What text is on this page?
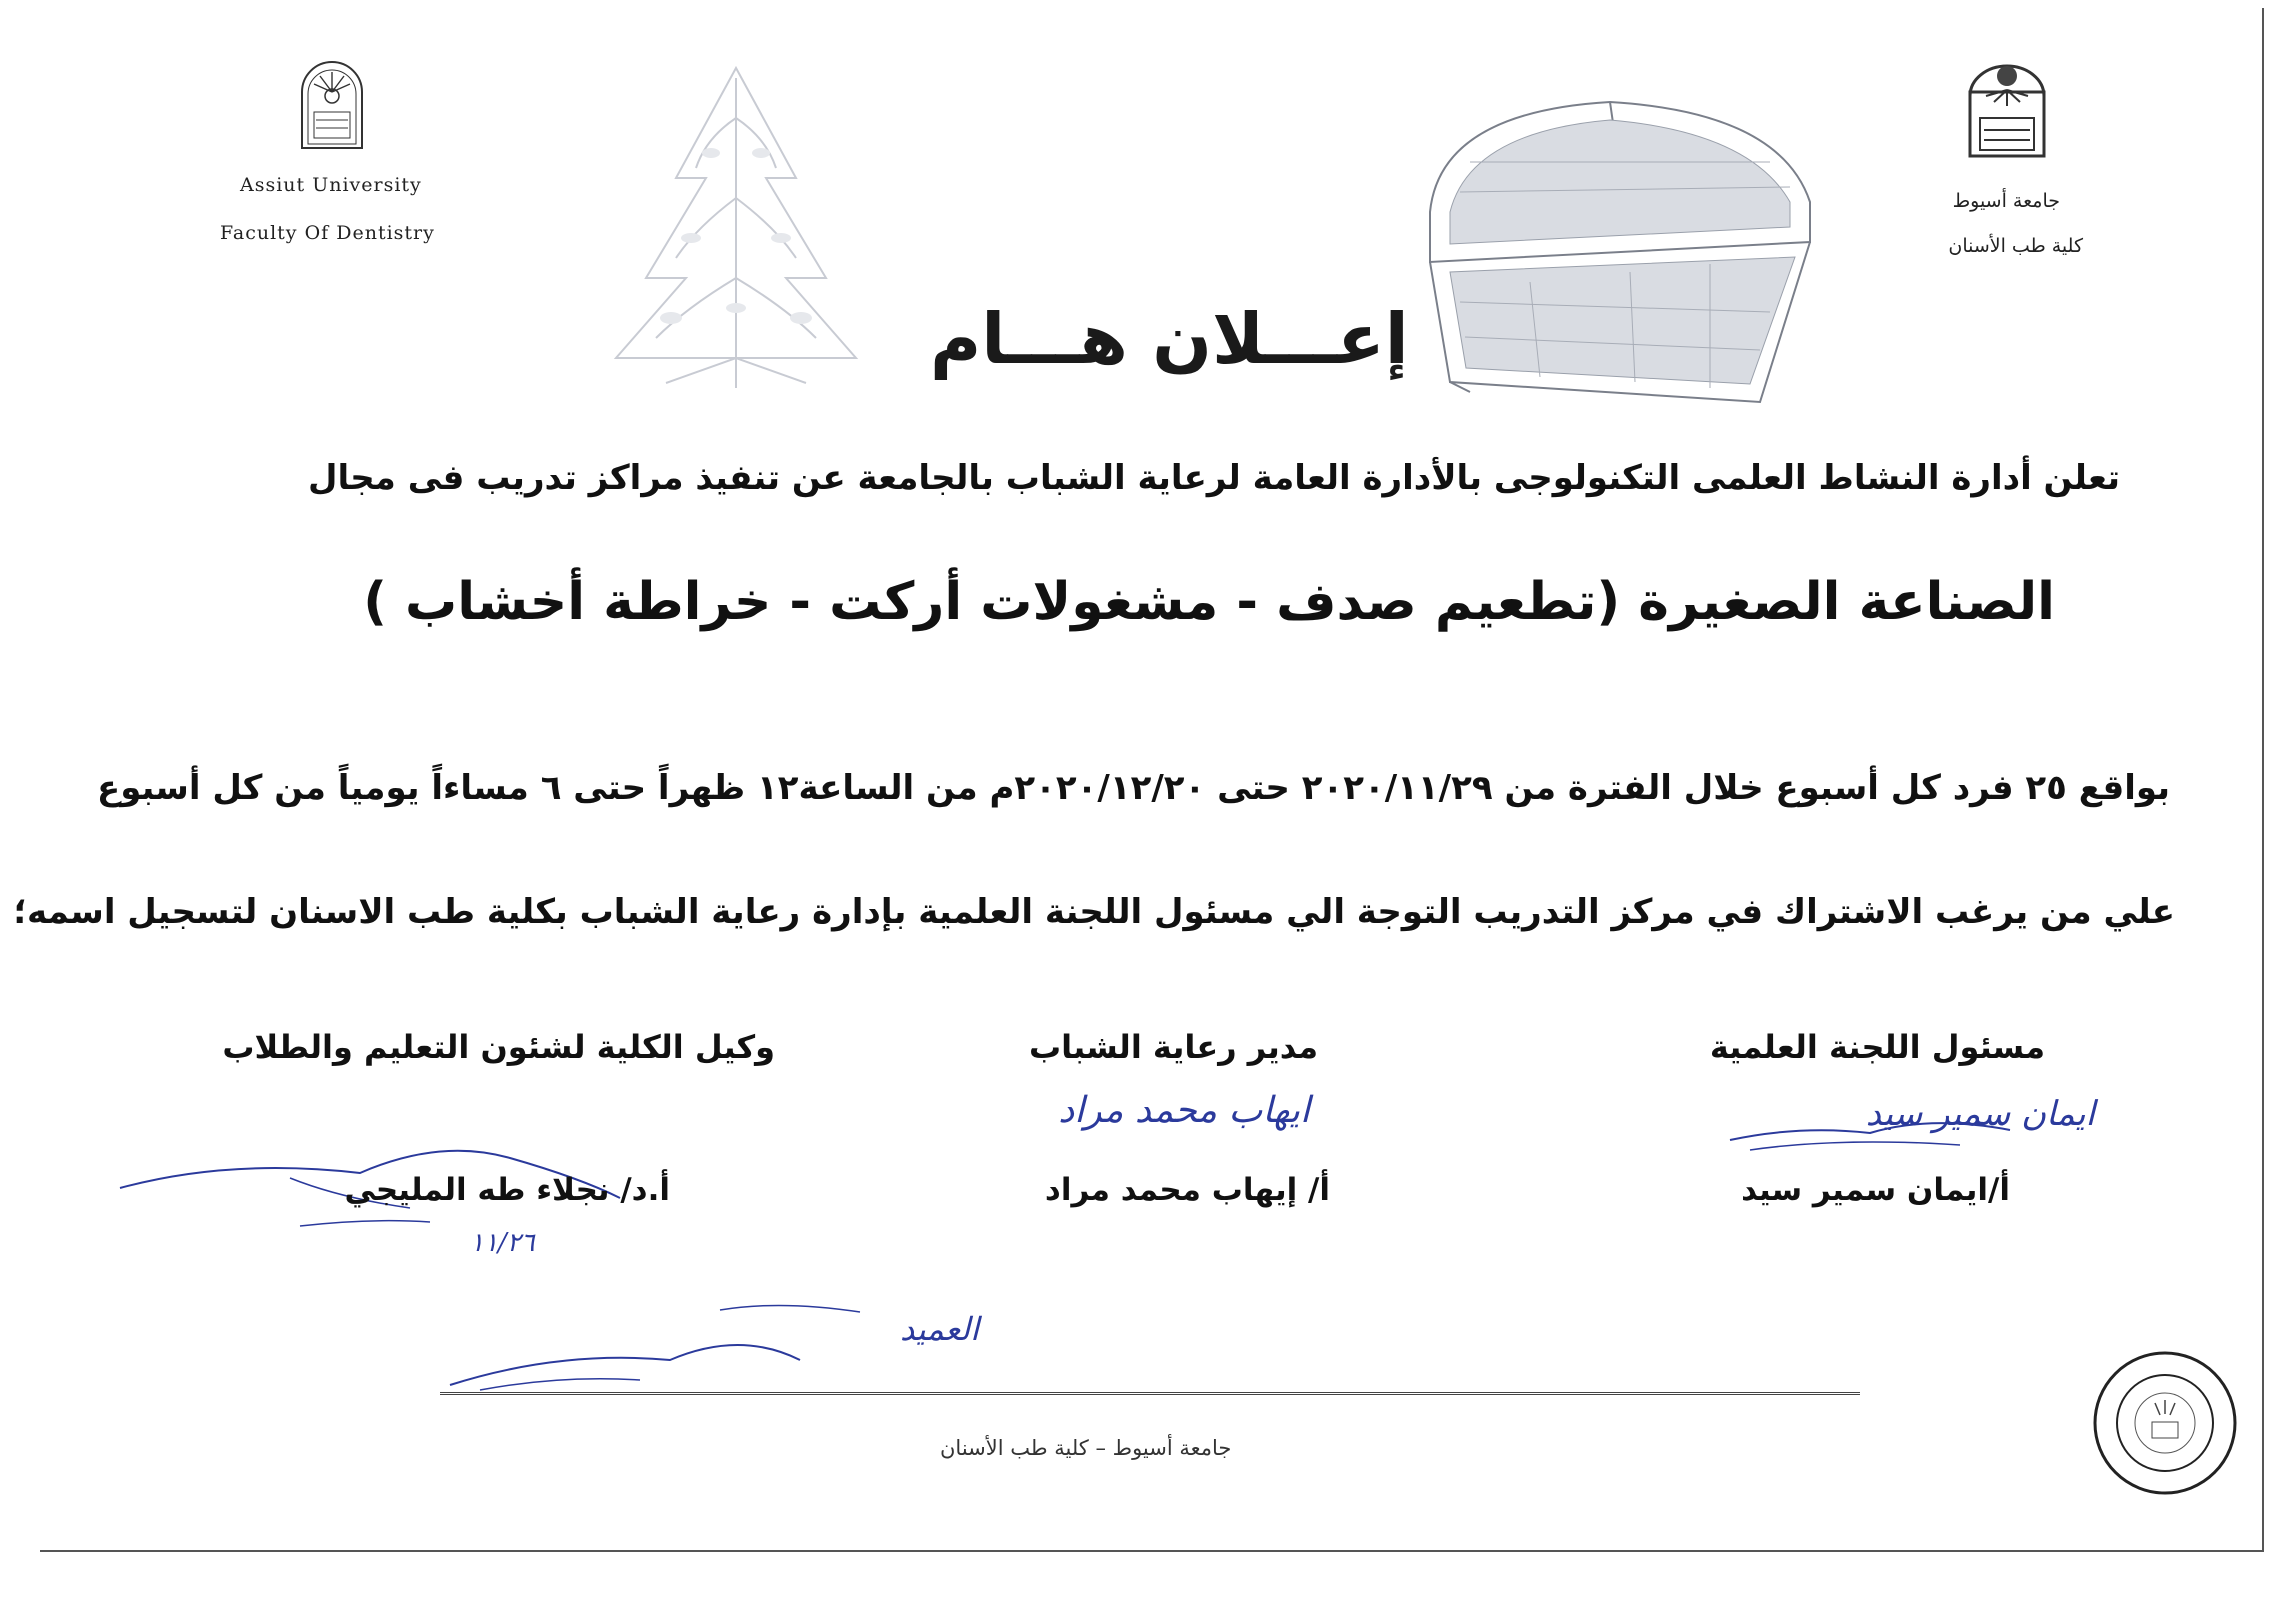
Assiut University
Faculty Of Dentistry
جامعة أسيوط
كلية طب الأسنان
إعـــلان هـــام
تعلن أدارة النشاط العلمى التكنولوجى بالأدارة العامة لرعاية الشباب بالجامعة عن تنفيذ مراكز تدريب فى مجال
الصناعة الصغيرة (تطعيم صدف - مشغولات أركت - خراطة أخشاب )
بواقع ٢٥ فرد كل أسبوع خلال الفترة من ٢٠٢٠/١١/٢٩ حتى ٢٠٢٠/١٢/٢٠م من الساعة١٢ ظهراً حتى ٦ مساءاً يومياً من كل أسبوع
علي من يرغب الاشتراك في مركز التدريب التوجة الي مسئول اللجنة العلمية بإدارة رعاية الشباب بكلية طب الاسنان لتسجيل اسمه؛
مسئول اللجنة العلمية
ايمان سمير سيد
أ/ايمان سمير سيد
مدير رعاية الشباب
ايهاب محمد مراد
أ/ إيهاب محمد مراد
وكيل الكلية لشئون التعليم والطلاب
أ.د/ نجلاء طه المليجي
١١/٢٦
العميد
جامعة أسيوط – كلية طب الأسنان
